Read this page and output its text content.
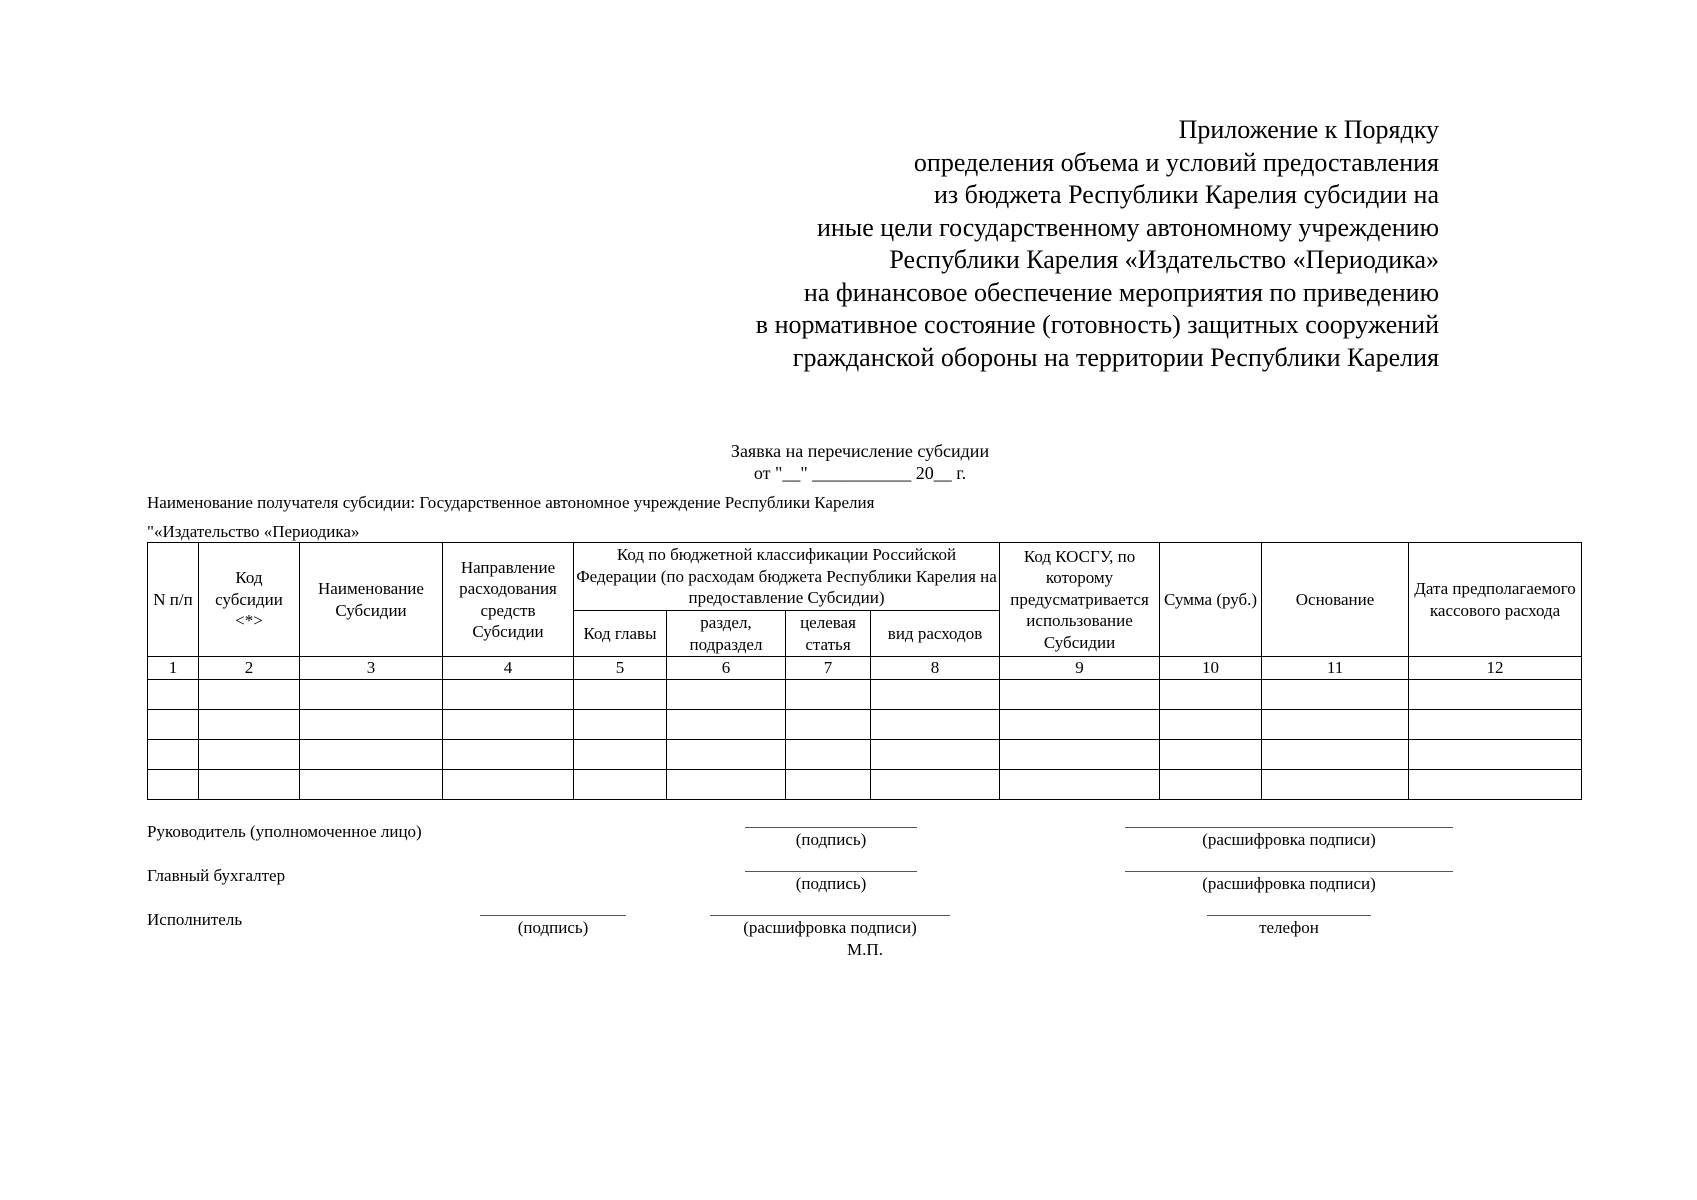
Приложение к Порядку
определения объема и условий предоставления
из бюджета Республики Карелия субсидии на
иные цели государственному автономному учреждению
Республики Карелия «Издательство «Периодика»
на финансовое обеспечение мероприятия по приведению
в нормативное состояние (готовность) защитных сооружений
гражданской обороны на территории Республики Карелия
Заявка на перечисление субсидии
от "__" ___________ 20__ г.
Наименование получателя субсидии: Государственное автономное учреждение Республики Карелия
"«Издательство «Периодика»
N п/п	Код субсидии <*>	Наименование Субсидии	Направление расходования средств Субсидии	Код по бюджетной классификации Российской Федерации (по расходам бюджета Республики Карелия на предоставление Субсидии)				Код КОСГУ, по которому предусматривается использование Субсидии	Сумма (руб.)	Основание	Дата предполагаемого кассового расхода
				Код главы	раздел, подраздел	целевая статья	вид расходов				
1	2	3	4	5	6	7	8	9	10	11	12

Руководитель (уполномоченное лицо)	(подпись)	(расшифровка подписи)
Главный бухгалтер	(подпись)	(расшифровка подписи)
Исполнитель	(подпись)	(расшифровка подписи)	телефон
М.П.
